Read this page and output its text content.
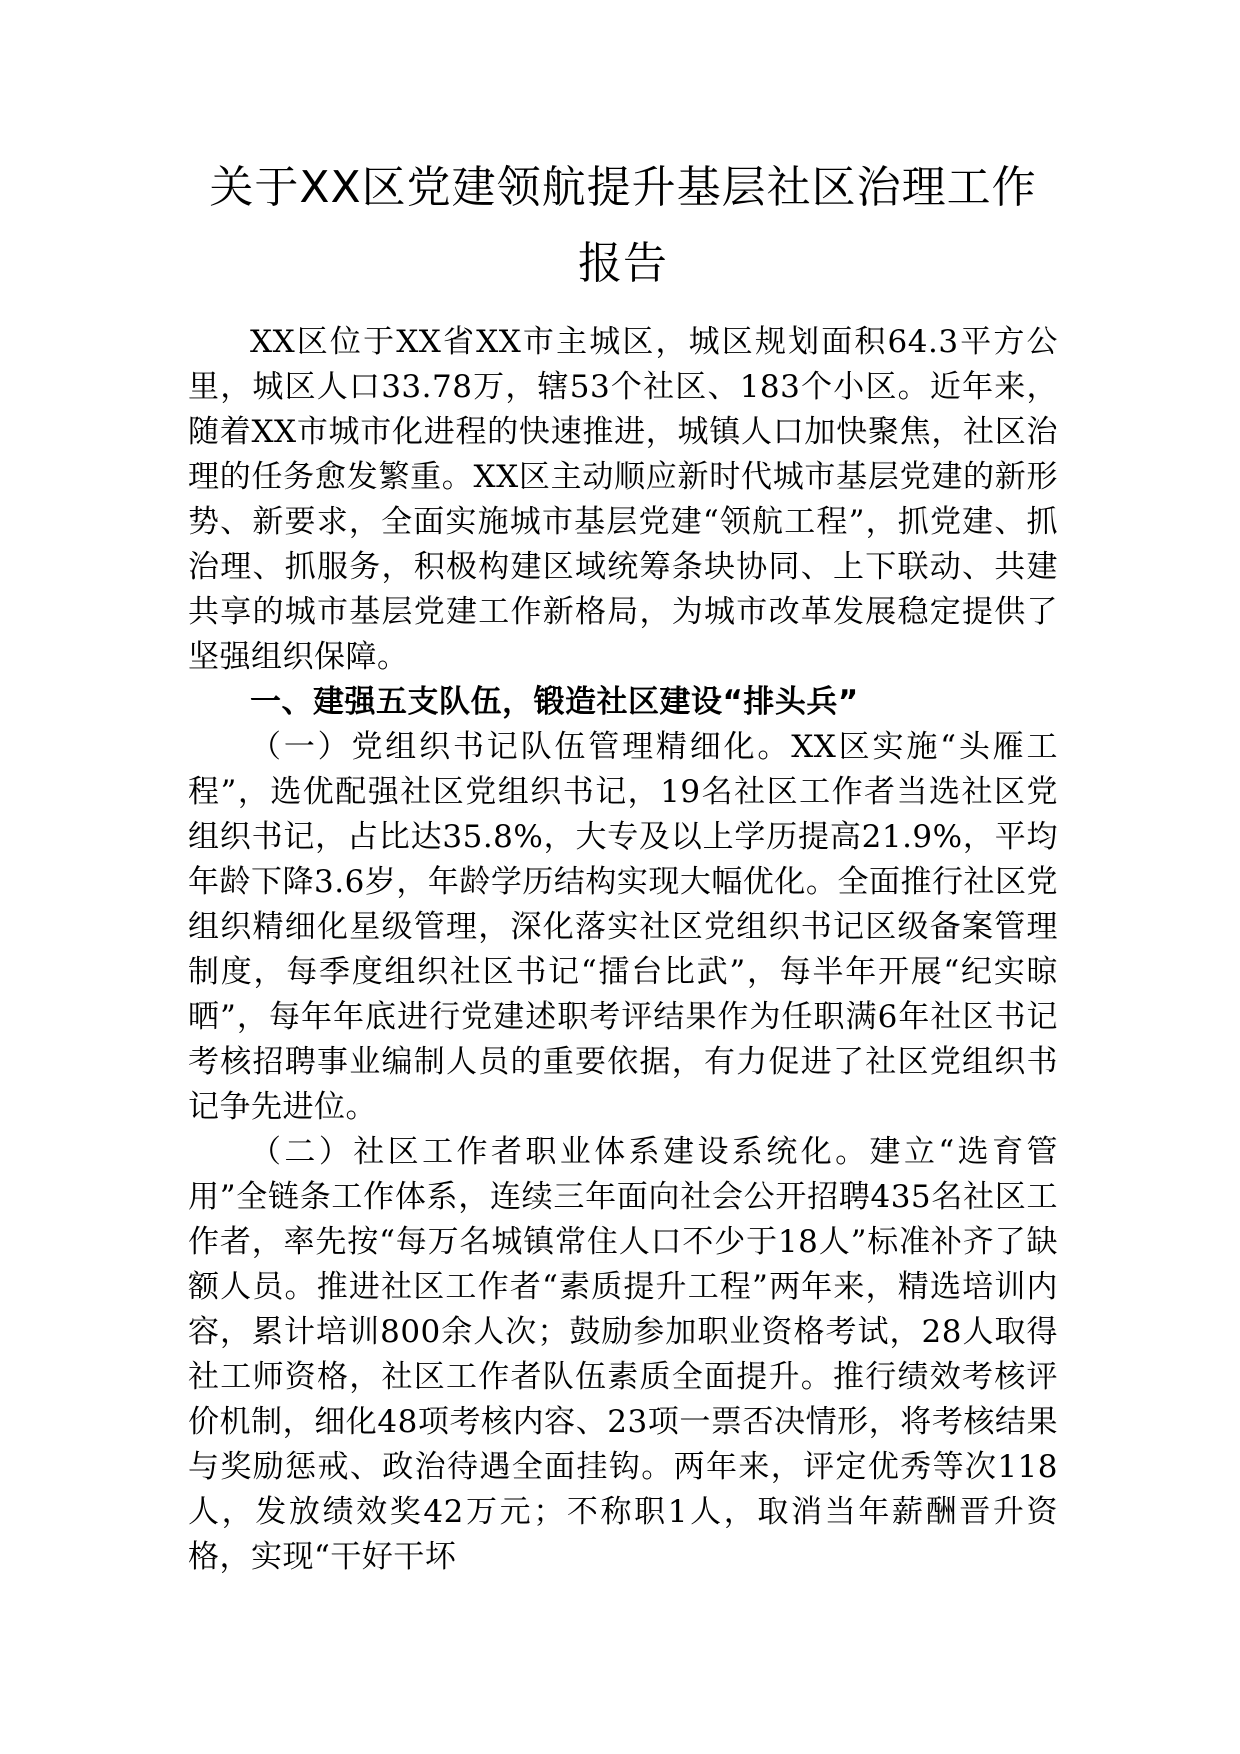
关于XX区党建领航提升基层社区治理工作
报告

XX区位于XX省XX市主城区，城区规划面积64.3平方公里，城区人口33.78万，辖53个社区、183个小区。近年来，随着XX市城市化进程的快速推进，城镇人口加快聚焦，社区治理的任务愈发繁重。XX区主动顺应新时代城市基层党建的新形势、新要求，全面实施城市基层党建“领航工程”，抓党建、抓治理、抓服务，积极构建区域统筹条块协同、上下联动、共建共享的城市基层党建工作新格局，为城市改革发展稳定提供了坚强组织保障。

一、建强五支队伍，锻造社区建设“排头兵”

（一）党组织书记队伍管理精细化。XX区实施“头雁工程”，选优配强社区党组织书记，19名社区工作者当选社区党组织书记，占比达35.8%，大专及以上学历提高21.9%，平均年龄下降3.6岁，年龄学历结构实现大幅优化。全面推行社区党组织精细化星级管理，深化落实社区党组织书记区级备案管理制度，每季度组织社区书记“擂台比武”，每半年开展“纪实晾晒”，每年年底进行党建述职考评结果作为任职满6年社区书记考核招聘事业编制人员的重要依据，有力促进了社区党组织书记争先进位。

（二）社区工作者职业体系建设系统化。建立“选育管用”全链条工作体系，连续三年面向社会公开招聘435名社区工作者，率先按“每万名城镇常住人口不少于18人”标准补齐了缺额人员。推进社区工作者“素质提升工程”两年来，精选培训内容，累计培训800余人次；鼓励参加职业资格考试，28人取得社工师资格，社区工作者队伍素质全面提升。推行绩效考核评价机制，细化48项考核内容、23项一票否决情形，将考核结果与奖励惩戒、政治待遇全面挂钩。两年来，评定优秀等次118人，发放绩效奖42万元；不称职1人，取消当年薪酬晋升资格，实现“干好干坏
